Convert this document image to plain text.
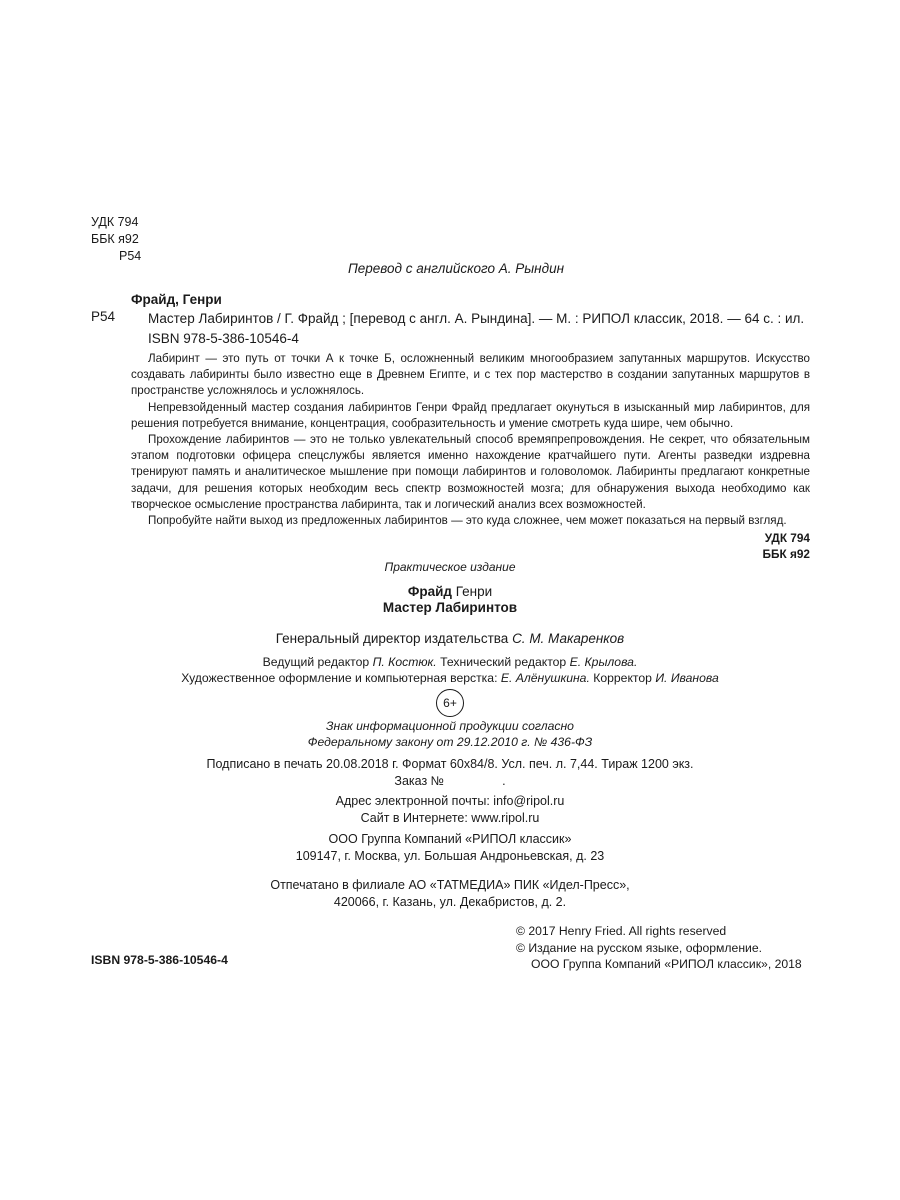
УДК 794
ББК я92
Р54
Перевод с английского А. Рындин
Фрайд, Генри
Р54 Мастер Лабиринтов / Г. Фрайд ; [перевод с англ. А. Рындина]. — М. : РИПОЛ классик, 2018. — 64 с. : ил.
ISBN 978-5-386-10546-4

Лабиринт — это путь от точки А к точке Б, осложненный великим многообразием запутанных маршрутов. Искусство создавать лабиринты было известно еще в Древнем Египте, и с тех пор мастерство в создании запутанных маршрутов в пространстве усложнялось и усложнялось.

Непревзойденный мастер создания лабиринтов Генри Фрайд предлагает окунуться в изысканный мир лабиринтов, для решения потребуется внимание, концентрация, сообразительность и умение смотреть куда шире, чем обычно.

Прохождение лабиринтов — это не только увлекательный способ времяпрепровождения. Не секрет, что обязательным этапом подготовки офицера спецслужбы является именно нахождение кратчайшего пути. Агенты разведки издревна тренируют память и аналитическое мышление при помощи лабиринтов и головоломок. Лабиринты предлагают конкретные задачи, для решения которых необходим весь спектр возможностей мозга; для обнаружения выхода необходимо как творческое осмысление пространства лабиринта, так и логический анализ всех возможностей.

Попробуйте найти выход из предложенных лабиринтов — это куда сложнее, чем может показаться на первый взгляд.

УДК 794
ББК я92
Практическое издание
Фрайд Генри
Мастер Лабиринтов
Генеральный директор издательства С. М. Макаренков
Ведущий редактор П. Костюк. Технический редактор Е. Крылова.
Художественное оформление и компьютерная верстка: Е. Алёнушкина. Корректор И. Иванова
6+
Знак информационной продукции согласно
Федеральному закону от 29.12.2010 г. № 436-ФЗ
Подписано в печать 20.08.2018 г. Формат 60х84/8. Усл. печ. л. 7,44. Тираж 1200 экз.
Заказ №	.
Адрес электронной почты: info@ripol.ru
Сайт в Интернете: www.ripol.ru
ООО Группа Компаний «РИПОЛ классик»
109147, г. Москва, ул. Большая Андроньевская, д. 23
Отпечатано в филиале АО «ТАТМЕДИА» ПИК «Идел-Пресс»,
420066, г. Казань, ул. Декабристов, д. 2.
ISBN 978-5-386-10546-4
© 2017 Henry Fried. All rights reserved
© Издание на русском языке, оформление.
ООО Группа Компаний «РИПОЛ классик», 2018
